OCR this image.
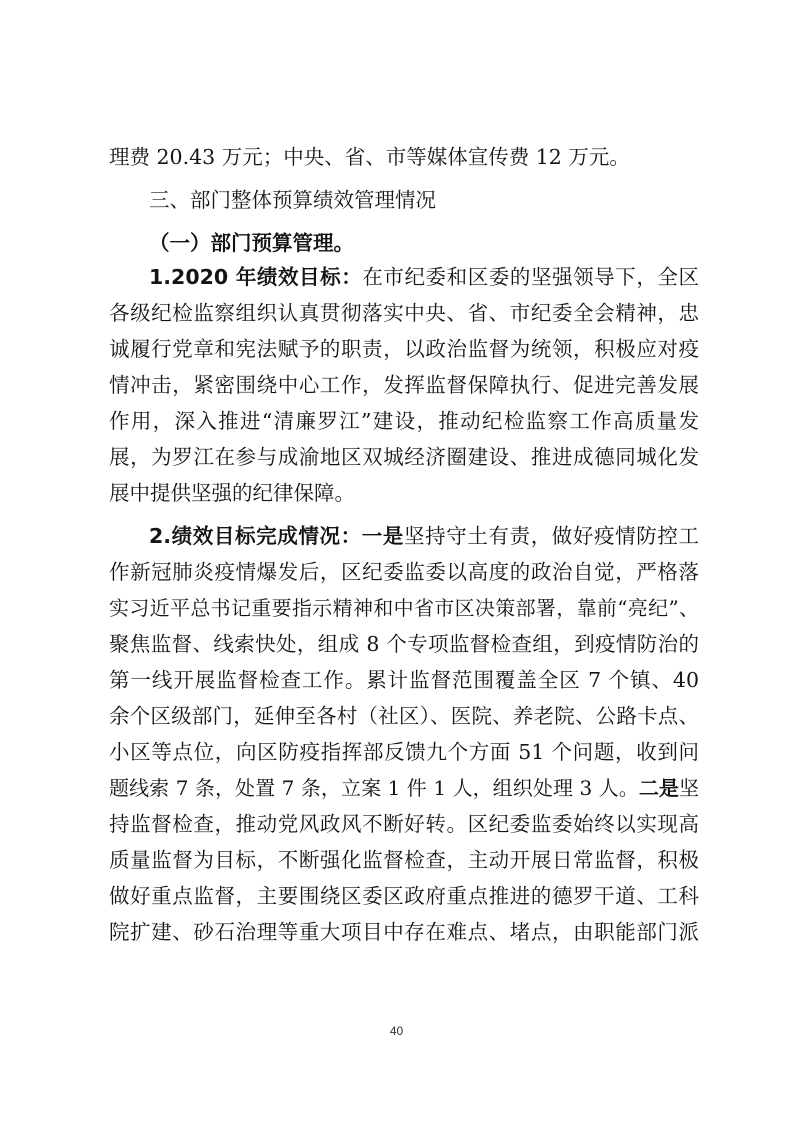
理费 20.43 万元；中央、省、市等媒体宣传费 12 万元。

三、部门整体预算绩效管理情况

（一）部门预算管理。

1.2020 年绩效目标：在市纪委和区委的坚强领导下，全区

各级纪检监察组织认真贯彻落实中央、省、市纪委全会精神，忠

诚履行党章和宪法赋予的职责，以政治监督为统领，积极应对疫

情冲击，紧密围绕中心工作，发挥监督保障执行、促进完善发展

作用，深入推进“清廉罗江”建设，推动纪检监察工作高质量发

展，为罗江在参与成渝地区双城经济圈建设、推进成德同城化发

展中提供坚强的纪律保障。

2.绩效目标完成情况：一是坚持守土有责，做好疫情防控工

作新冠肺炎疫情爆发后，区纪委监委以高度的政治自觉，严格落

实习近平总书记重要指示精神和中省市区决策部署，靠前“亮纪”、

聚焦监督、线索快处，组成 8 个专项监督检查组，到疫情防治的

第一线开展监督检查工作。累计监督范围覆盖全区 7 个镇、40

余个区级部门，延伸至各村（社区）、医院、养老院、公路卡点、

小区等点位，向区防疫指挥部反馈九个方面 51 个问题，收到问

题线索 7 条，处置 7 条，立案 1 件 1 人，组织处理 3 人。二是坚

持监督检查，推动党风政风不断好转。区纪委监委始终以实现高

质量监督为目标，不断强化监督检查，主动开展日常监督，积极

做好重点监督，主要围绕区委区政府重点推进的德罗干道、工科

院扩建、砂石治理等重大项目中存在难点、堵点，由职能部门派

40
